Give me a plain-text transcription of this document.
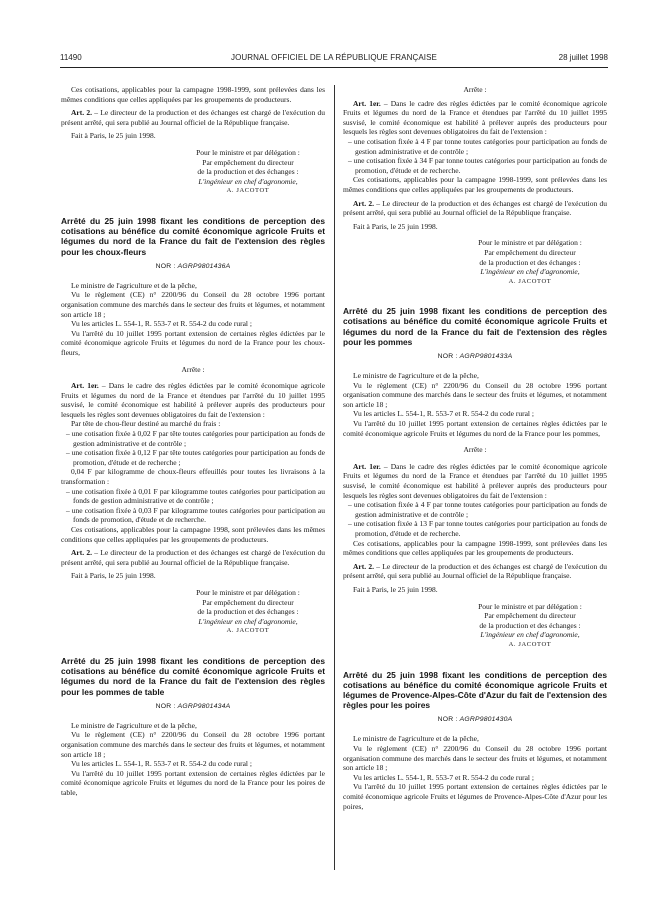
11490	JOURNAL OFFICIEL DE LA RÉPUBLIQUE FRANÇAISE	28 juillet 1998

Ces cotisations, applicables pour la campagne 1998-1999, sont prélevées dans les mêmes conditions que celles appliquées par les groupements de producteurs.

Art. 2. – Le directeur de la production et des échanges est chargé de l'exécution du présent arrêté, qui sera publié au Journal officiel de la République française.

Fait à Paris, le 25 juin 1998.

Pour le ministre et par délégation :
Par empêchement du directeur
de la production et des échanges :
L'ingénieur en chef d'agronomie,
A. JACOTOT
Arrêté du 25 juin 1998 fixant les conditions de perception des cotisations au bénéfice du comité économique agricole Fruits et légumes du nord de la France du fait de l'extension des règles pour les choux-fleurs
NOR : AGRP9801436A

Le ministre de l'agriculture et de la pêche,

Vu le règlement (CE) n° 2200/96 du Conseil du 28 octobre 1996 portant organisation commune des marchés dans le secteur des fruits et légumes, et notamment son article 18 ;

Vu les articles L. 554-1, R. 553-7 et R. 554-2 du code rural ;

Vu l'arrêté du 10 juillet 1995 portant extension de certaines règles édictées par le comité économique agricole Fruits et légumes du nord de la France pour les choux-fleurs,

Arrête :

Art. 1er. – Dans le cadre des règles édictées par le comité économique agricole Fruits et légumes du nord de la France et étendues par l'arrêté du 10 juillet 1995 susvisé, le comité économique est habilité à prélever auprès des producteurs pour lesquels les règles sont devenues obligatoires du fait de l'extension :

Par tête de chou-fleur destiné au marché du frais :

– une cotisation fixée à 0,02 F par tête toutes catégories pour participation au fonds de gestion administrative et de contrôle ;

– une cotisation fixée à 0,12 F par tête toutes catégories pour participation au fonds de promotion, d'étude et de recherche ;

0,04 F par kilogramme de choux-fleurs effeuillés pour toutes les livraisons à la transformation :

– une cotisation fixée à 0,01 F par kilogramme toutes catégories pour participation au fonds de gestion administrative et de contrôle ;

– une cotisation fixée à 0,03 F par kilogramme toutes catégories pour participation au fonds de promotion, d'étude et de recherche.

Ces cotisations, applicables pour la campagne 1998, sont prélevées dans les mêmes conditions que celles appliquées par les groupements de producteurs.

Art. 2. – Le directeur de la production et des échanges est chargé de l'exécution du présent arrêté, qui sera publié au Journal officiel de la République française.

Fait à Paris, le 25 juin 1998.

Pour le ministre et par délégation :
Par empêchement du directeur
de la production et des échanges :
L'ingénieur en chef d'agronomie,
A. JACOTOT
Arrêté du 25 juin 1998 fixant les conditions de perception des cotisations au bénéfice du comité économique agricole Fruits et légumes du nord de la France du fait de l'extension des règles pour les pommes de table
NOR : AGRP9801434A

Le ministre de l'agriculture et de la pêche,

Vu le règlement (CE) n° 2200/96 du Conseil du 28 octobre 1996 portant organisation commune des marchés dans le secteur des fruits et légumes, et notamment son article 18 ;

Vu les articles L. 554-1, R. 553-7 et R. 554-2 du code rural ;

Vu l'arrêté du 10 juillet 1995 portant extension de certaines règles édictées par le comité économique agricole Fruits et légumes du nord de la France pour les poires de table,

Arrête :

Art. 1er. – Dans le cadre des règles édictées par le comité économique agricole Fruits et légumes du nord de la France et étendues par l'arrêté du 10 juillet 1995 susvisé, le comité économique est habilité à prélever auprès des producteurs pour lesquels les règles sont devenues obligatoires du fait de l'extension :

– une cotisation fixée à 4 F par tonne toutes catégories pour participation au fonds de gestion administrative et de contrôle ;

– une cotisation fixée à 34 F par tonne toutes catégories pour participation au fonds de promotion, d'étude et de recherche.

Ces cotisations, applicables pour la campagne 1998-1999, sont prélevées dans les mêmes conditions que celles appliquées par les groupements de producteurs.

Art. 2. – Le directeur de la production et des échanges est chargé de l'exécution du présent arrêté, qui sera publié au Journal officiel de la République française.

Fait à Paris, le 25 juin 1998.

Pour le ministre et par délégation :
Par empêchement du directeur
de la production et des échanges :
L'ingénieur en chef d'agronomie,
A. JACOTOT
Arrêté du 25 juin 1998 fixant les conditions de perception des cotisations au bénéfice du comité économique agricole Fruits et légumes du nord de la France du fait de l'extension des règles pour les pommes
NOR : AGRP9801433A

Le ministre de l'agriculture et de la pêche,

Vu le règlement (CE) n° 2200/96 du Conseil du 28 octobre 1996 portant organisation commune des marchés dans le secteur des fruits et légumes, et notamment son article 18 ;

Vu les articles L. 554-1, R. 553-7 et R. 554-2 du code rural ;

Vu l'arrêté du 10 juillet 1995 portant extension de certaines règles édictées par le comité économique agricole Fruits et légumes du nord de la France pour les pommes,

Arrête :

Art. 1er. – Dans le cadre des règles édictées par le comité économique agricole Fruits et légumes du nord de la France et étendues par l'arrêté du 10 juillet 1995 susvisé, le comité économique est habilité à prélever auprès des producteurs pour lesquels les règles sont devenues obligatoires du fait de l'extension :

– une cotisation fixée à 4 F par tonne toutes catégories pour participation au fonds de gestion administrative et de contrôle ;

– une cotisation fixée à 13 F par tonne toutes catégories pour participation au fonds de promotion, d'étude et de recherche.

Ces cotisations, applicables pour la campagne 1998-1999, sont prélevées dans les mêmes conditions que celles appliquées par les groupements de producteurs.

Art. 2. – Le directeur de la production et des échanges est chargé de l'exécution du présent arrêté, qui sera publié au Journal officiel de la République française.

Fait à Paris, le 25 juin 1998.

Pour le ministre et par délégation :
Par empêchement du directeur
de la production et des échanges :
L'ingénieur en chef d'agronomie,
A. JACOTOT
Arrêté du 25 juin 1998 fixant les conditions de perception des cotisations au bénéfice du comité économique agricole Fruits et légumes de Provence-Alpes-Côte d'Azur du fait de l'extension des règles pour les poires
NOR : AGRP9801430A

Le ministre de l'agriculture et de la pêche,

Vu le règlement (CE) n° 2200/96 du Conseil du 28 octobre 1996 portant organisation commune des marchés dans le secteur des fruits et légumes, et notamment son article 18 ;

Vu les articles L. 554-1, R. 553-7 et R. 554-2 du code rural ;

Vu l'arrêté du 10 juillet 1995 portant extension de certaines règles édictées par le comité économique agricole Fruits et légumes de Provence-Alpes-Côte d'Azur pour les poires,
